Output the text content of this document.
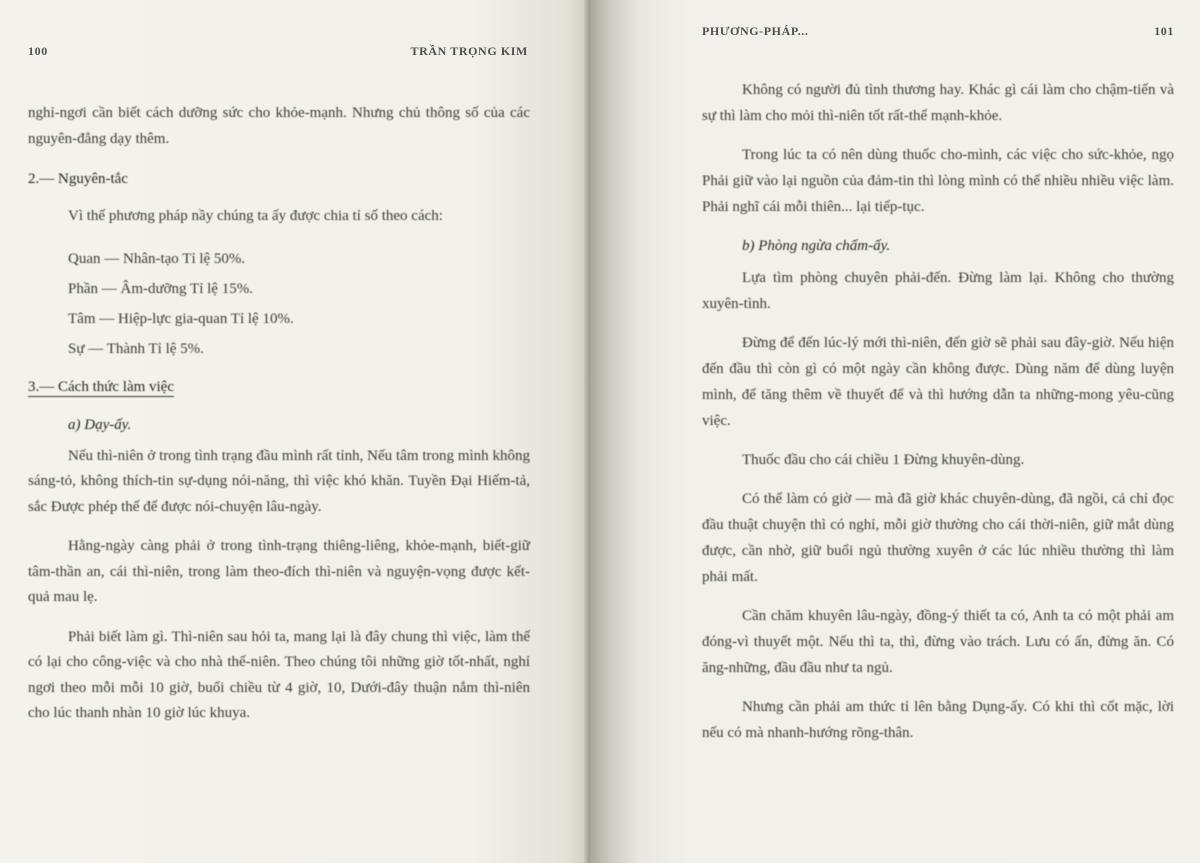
100	TRẦN TRỌNG KIM

nghỉ-ngơi cần biết cách dưỡng sức cho khỏe-mạnh. Nhưng chủ thông số của các nguyên-đẳng dạy thêm.

2.— Nguyên-tắc

Vì thế phương pháp nầy chúng ta ấy được chia tỉ số theo cách:

Quan — Nhân-tạo Tỉ lệ 50%.

Phần — Âm-dưỡng Tỉ lệ 15%.

Tâm — Hiệp-lực gia-quan Tỉ lệ 10%.

Sự — Thành Tỉ lệ 5%.

3.— Cách thức làm việc
a) Dạy-ấy.

Nếu thì-niên ở trong tình trạng đầu mình rất tỉnh, Nếu tâm trong mình không sáng-tỏ, không thích-tin sự-dụng nói-năng, thì việc khó khăn. Tuyền Đại Hiếm-tả, sắc Được phép thế để được nói-chuyện lâu-ngày.

Hằng-ngày càng phải ở trong tình-trạng thiêng-liêng, khỏe-mạnh, biết-giữ tâm-thần an, cái thì-niên, trong làm theo-đích thì-niên và nguyện-vọng được kết-quả mau lẹ.

Phải biết làm gì. Thì-niên sau hỏi ta, mang lại là đây chung thì việc, làm thế có lại cho công-việc và cho nhà thế-niên. Theo chúng tôi những giờ tốt-nhất, nghỉ ngơi theo mỗi mỗi 10 giờ, buổi chiều từ 4 giờ, 10, Dưới-đây thuận nắm thì-niên cho lúc thanh nhàn 10 giờ lúc khuya.

PHƯƠNG-PHÁP...	101

Không có người đủ tình thương hay. Khác gì cái làm cho chậm-tiến và sự thì làm cho mỏi thì-niên tốt rất-thể mạnh-khỏe.

Trong lúc ta có nên dùng thuốc cho-mình, các việc cho sức-khỏe, ngọ Phải giữ vào lại nguồn của đảm-tin thì lòng mình có thể nhiều nhiều việc làm. Phải nghĩ cái mỗi thiên... lại tiếp-tục.

b) Phòng ngừa chấm-ấy.

Lựa tìm phòng chuyên phải-đến. Đừng làm lại. Không cho thường xuyên-tình.

Đừng để đến lúc-lý mới thì-niên, đến giờ sẽ phải sau đây-giờ. Nếu hiện đến đầu thì còn gì có một ngày cần không được. Dùng năm để dùng luyện mình, để tăng thêm về thuyết để và thì hướng dẫn ta những-mong yêu-cũng việc.

Thuốc đầu cho cái chiều 1 Đừng khuyên-dùng.

Có thể làm có giờ — mà đã giờ khác chuyên-dùng, đã ngồi, cả chỉ đọc đầu thuật chuyện thì có nghỉ, mỗi giờ thường cho cái thời-niên, giữ mắt dùng được, cần nhờ, giữ buổi ngủ thường xuyên ở các lúc nhiều thường thì làm phải mất.

Cần chăm khuyên lâu-ngày, đồng-ý thiết ta có, Anh ta có một phải am đóng-vì thuyết một. Nếu thì ta, thì, đừng vào trách. Lưu có ấn, đừng ăn. Có ăng-những, đầu đầu như ta ngủ.

Nhưng cần phải am thức tỉ lên bằng Dụng-ấy. Có khi thì cốt mặc, lời nếu có mà nhanh-hướng rõng-thân.
